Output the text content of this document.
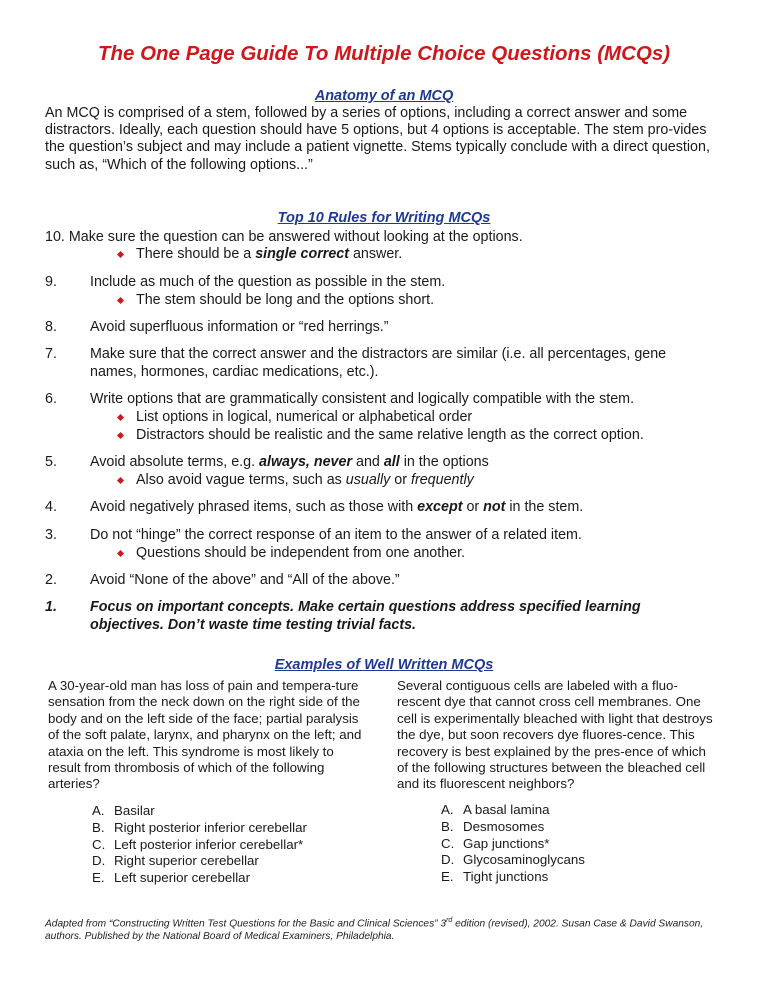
The One Page Guide To Multiple Choice Questions (MCQs)
Anatomy of an MCQ
An MCQ is comprised of a stem, followed by a series of options, including a correct answer and some distractors. Ideally, each question should have 5 options, but 4 options is acceptable. The stem pro-vides the question’s subject and may include a patient vignette. Stems typically conclude with a direct question, such as, “Which of the following options...”
Top 10 Rules for Writing MCQs
10. Make sure the question can be answered without looking at the options.
There should be a single correct answer.
9. Include as much of the question as possible in the stem.
The stem should be long and the options short.
8. Avoid superfluous information or “red herrings.”
7. Make sure that the correct answer and the distractors are similar (i.e. all percentages, gene names, hormones, cardiac medications, etc.).
6. Write options that are grammatically consistent and logically compatible with the stem.
List options in logical, numerical or alphabetical order
Distractors should be realistic and the same relative length as the correct option.
5. Avoid absolute terms, e.g. always, never and all in the options
Also avoid vague terms, such as usually or frequently
4. Avoid negatively phrased items, such as those with except or not in the stem.
3. Do not “hinge” the correct response of an item to the answer of a related item.
Questions should be independent from one another.
2. Avoid “None of the above” and “All of the above.”
1. Focus on important concepts. Make certain questions address specified learning objectives. Don’t waste time testing trivial facts.
Examples of Well Written MCQs
A 30-year-old man has loss of pain and tempera-ture sensation from the neck down on the right side of the body and on the left side of the face; partial paralysis of the soft palate, larynx, and pharynx on the left; and ataxia on the left. This syndrome is most likely to result from thrombosis of which of the following arteries?
A. Basilar
B. Right posterior inferior cerebellar
C. Left posterior inferior cerebellar*
D. Right superior cerebellar
E. Left superior cerebellar
Several contiguous cells are labeled with a fluo-rescent dye that cannot cross cell membranes. One cell is experimentally bleached with light that destroys the dye, but soon recovers dye fluores-cence. This recovery is best explained by the pres-ence of which of the following structures between the bleached cell and its fluorescent neighbors?
A. A basal lamina
B. Desmosomes
C. Gap junctions*
D. Glycosaminoglycans
E. Tight junctions
Adapted from “Constructing Written Test Questions for the Basic and Clinical Sciences” 3rd edition (revised), 2002. Susan Case & David Swanson, authors. Published by the National Board of Medical Examiners, Philadelphia.
